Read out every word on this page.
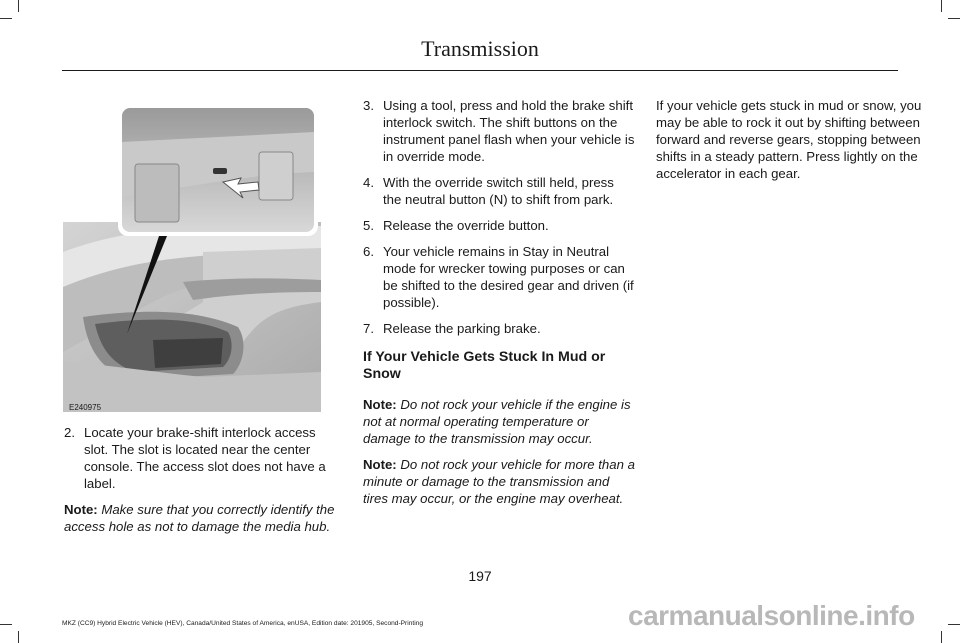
Transmission
E240975
2. Locate your brake-shift interlock access slot. The slot is located near the center console. The access slot does not have a label.

Note: Make sure that you correctly identify the access hole as not to damage the media hub.

3. Using a tool, press and hold the brake shift interlock switch. The shift buttons on the instrument panel flash when your vehicle is in override mode.
4. With the override switch still held, press the neutral button (N) to shift from park.
5. Release the override button.
6. Your vehicle remains in Stay in Neutral mode for wrecker towing purposes or can be shifted to the desired gear and driven (if possible).
7. Release the parking brake.
If Your Vehicle Gets Stuck In Mud or Snow

Note: Do not rock your vehicle if the engine is not at normal operating temperature or damage to the transmission may occur.

Note: Do not rock your vehicle for more than a minute or damage to the transmission and tires may occur, or the engine may overheat.

If your vehicle gets stuck in mud or snow, you may be able to rock it out by shifting between forward and reverse gears, stopping between shifts in a steady pattern. Press lightly on the accelerator in each gear.

197
MKZ (CC9) Hybrid Electric Vehicle (HEV), Canada/United States of America, enUSA, Edition date: 201905, Second-Printing	carmanualsonline.info
